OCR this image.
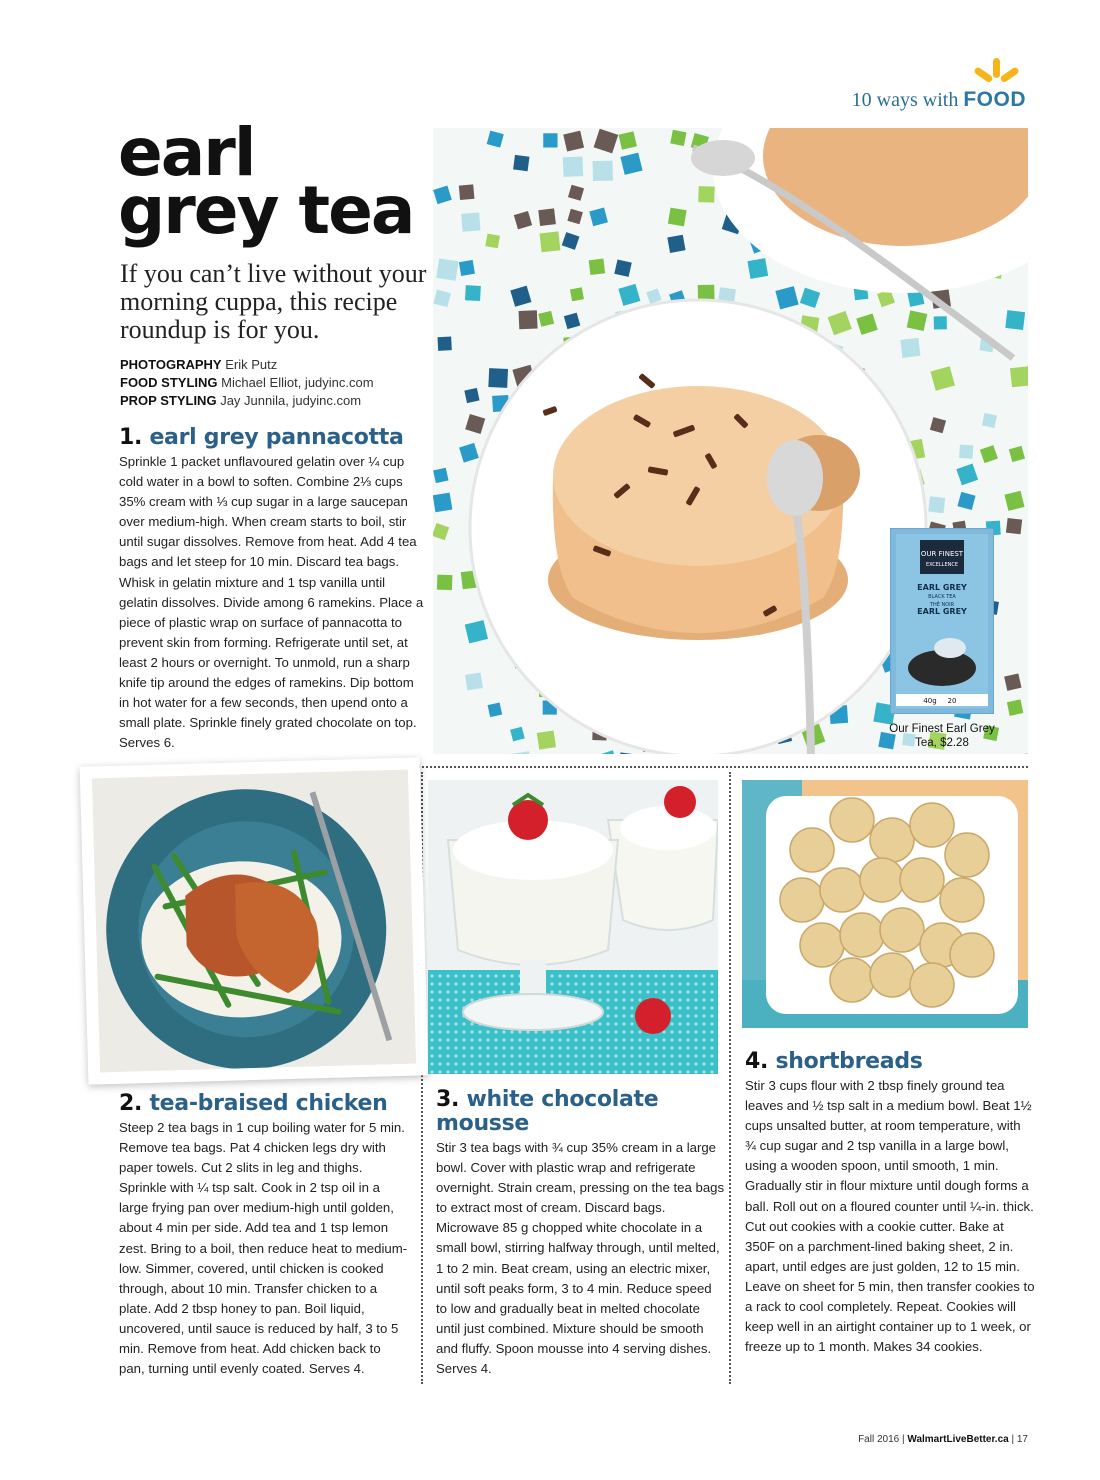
10 ways with FOOD
earl
grey tea
If you can’t live without your morning cuppa, this recipe roundup is for you.
PHOTOGRAPHY Erik Putz
FOOD STYLING Michael Elliot, judyinc.com
PROP STYLING Jay Junnila, judyinc.com
1. earl grey pannacotta
Sprinkle 1 packet unflavoured gelatin over ¼ cup cold water in a bowl to soften. Combine 2⅓ cups 35% cream with ⅓ cup sugar in a large saucepan over medium-high. When cream starts to boil, stir until sugar dissolves. Remove from heat. Add 4 tea bags and let steep for 10 min. Discard tea bags. Whisk in gelatin mixture and 1 tsp vanilla until gelatin dissolves. Divide among 6 ramekins. Place a piece of plastic wrap on surface of pannacotta to prevent skin from forming. Refrigerate until set, at least 2 hours or overnight. To unmold, run a sharp knife tip around the edges of ramekins. Dip bottom in hot water for a few seconds, then upend onto a small plate. Sprinkle finely grated chocolate on top. Serves 6.
OUR FINEST
EXCELLENCE
EARL GREY
BLACK TEA
THÉ NOIR
EARL GREY
40g 20
Our Finest Earl Grey
Tea, $2.28
2. tea-braised chicken
Steep 2 tea bags in 1 cup boiling water for 5 min. Remove tea bags. Pat 4 chicken legs dry with paper towels. Cut 2 slits in leg and thighs. Sprinkle with ¼ tsp salt. Cook in 2 tsp oil in a large frying pan over medium-high until golden, about 4 min per side. Add tea and 1 tsp lemon zest. Bring to a boil, then reduce heat to medium-low. Simmer, covered, until chicken is cooked through, about 10 min. Transfer chicken to a plate. Add 2 tbsp honey to pan. Boil liquid, uncovered, until sauce is reduced by half, 3 to 5 min. Remove from heat. Add chicken back to pan, turning until evenly coated. Serves 4.
3. white chocolate mousse
Stir 3 tea bags with ¾ cup 35% cream in a large bowl. Cover with plastic wrap and refrigerate overnight. Strain cream, pressing on the tea bags to extract most of cream. Discard bags. Microwave 85 g chopped white chocolate in a small bowl, stirring halfway through, until melted, 1 to 2 min. Beat cream, using an electric mixer, until soft peaks form, 3 to 4 min. Reduce speed to low and gradually beat in melted chocolate until just combined. Mixture should be smooth and fluffy. Spoon mousse into 4 serving dishes. Serves 4.
4. shortbreads
Stir 3 cups flour with 2 tbsp finely ground tea leaves and ½ tsp salt in a medium bowl. Beat 1½ cups unsalted butter, at room temperature, with ¾ cup sugar and 2 tsp vanilla in a large bowl, using a wooden spoon, until smooth, 1 min. Gradually stir in flour mixture until dough forms a ball. Roll out on a floured counter until ¼-in. thick. Cut out cookies with a cookie cutter. Bake at 350F on a parchment-lined baking sheet, 2 in. apart, until edges are just golden, 12 to 15 min. Leave on sheet for 5 min, then transfer cookies to a rack to cool completely. Repeat. Cookies will keep well in an airtight container up to 1 week, or freeze up to 1 month. Makes 34 cookies.
Fall 2016 | WalmartLiveBetter.ca | 17
